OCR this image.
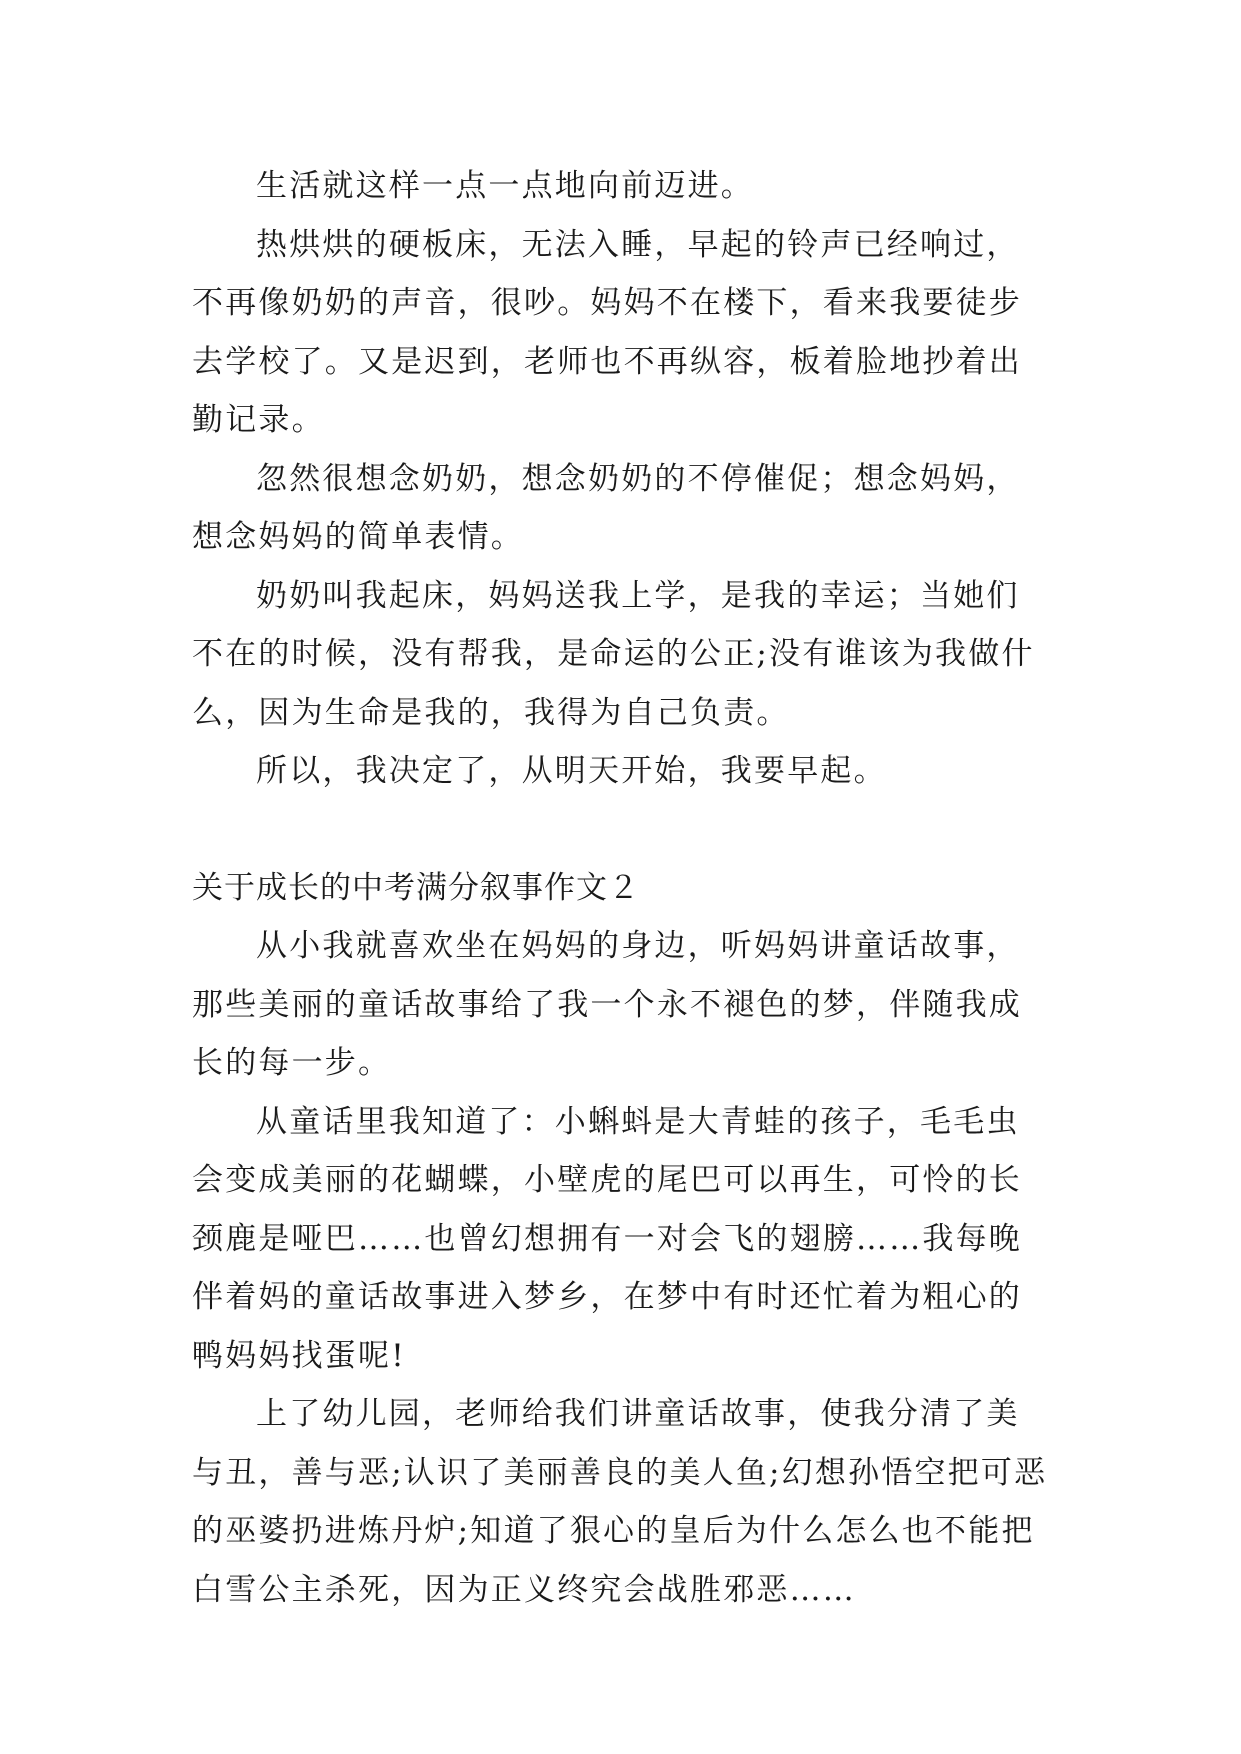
生活就这样一点一点地向前迈进。

热烘烘的硬板床，无法入睡，早起的铃声已经响过，不再像奶奶的声音，很吵。妈妈不在楼下，看来我要徒步去学校了。又是迟到，老师也不再纵容，板着脸地抄着出勤记录。

忽然很想念奶奶，想念奶奶的不停催促；想念妈妈，想念妈妈的简单表情。

奶奶叫我起床，妈妈送我上学，是我的幸运；当她们不在的时候，没有帮我，是命运的公正;没有谁该为我做什么，因为生命是我的，我得为自己负责。

所以，我决定了，从明天开始，我要早起。

关于成长的中考满分叙事作文２

从小我就喜欢坐在妈妈的身边，听妈妈讲童话故事，那些美丽的童话故事给了我一个永不褪色的梦，伴随我成长的每一步。

从童话里我知道了：小蝌蚪是大青蛙的孩子，毛毛虫会变成美丽的花蝴蝶，小壁虎的尾巴可以再生，可怜的长颈鹿是哑巴……也曾幻想拥有一对会飞的翅膀……我每晚伴着妈的童话故事进入梦乡，在梦中有时还忙着为粗心的鸭妈妈找蛋呢!

上了幼儿园，老师给我们讲童话故事，使我分清了美与丑，善与恶;认识了美丽善良的美人鱼;幻想孙悟空把可恶的巫婆扔进炼丹炉;知道了狠心的皇后为什么怎么也不能把白雪公主杀死，因为正义终究会战胜邪恶……
